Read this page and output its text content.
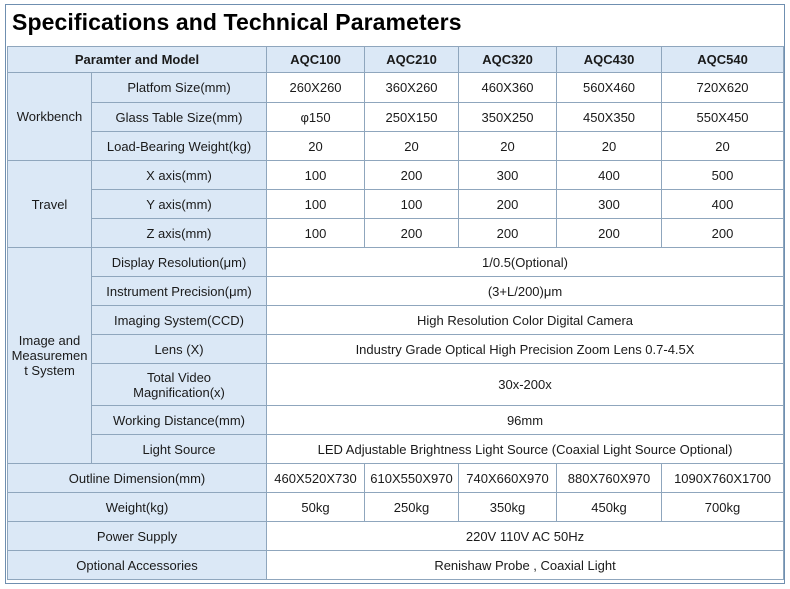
Specifications and Technical Parameters
Paramter and Model		AQC100	AQC210	AQC320	AQC430	AQC540
Workbench	Platfom Size(mm)	260X260	360X260	460X360	560X460	720X620
	Glass Table Size(mm)	φ150	250X150	350X250	450X350	550X450
	Load-Bearing Weight(kg)	20	20	20	20	20
Travel	X axis(mm)	100	200	300	400	500
	Y axis(mm)	100	100	200	300	400
	Z axis(mm)	100	200	200	200	200
Image and
Measuremen
t System	Display Resolution(μm)	1/0.5(Optional)				
	Instrument Precision(μm)	(3+L/200)μm				
	Imaging System(CCD)	High Resolution Color Digital Camera				
	Lens (X)	Industry Grade Optical High Precision Zoom Lens 0.7-4.5X				
	Total Video
Magnification(x)	30x-200x				
	Working Distance(mm)	96mm				
	Light Source	LED Adjustable Brightness Light Source (Coaxial Light Source Optional)				
Outline Dimension(mm)		460X520X730	610X550X970	740X660X970	880X760X970	1090X760X1700
Weight(kg)		50kg	250kg	350kg	450kg	700kg
Power Supply		220V 110V AC 50Hz				
Optional Accessories		Renishaw Probe , Coaxial Light				
